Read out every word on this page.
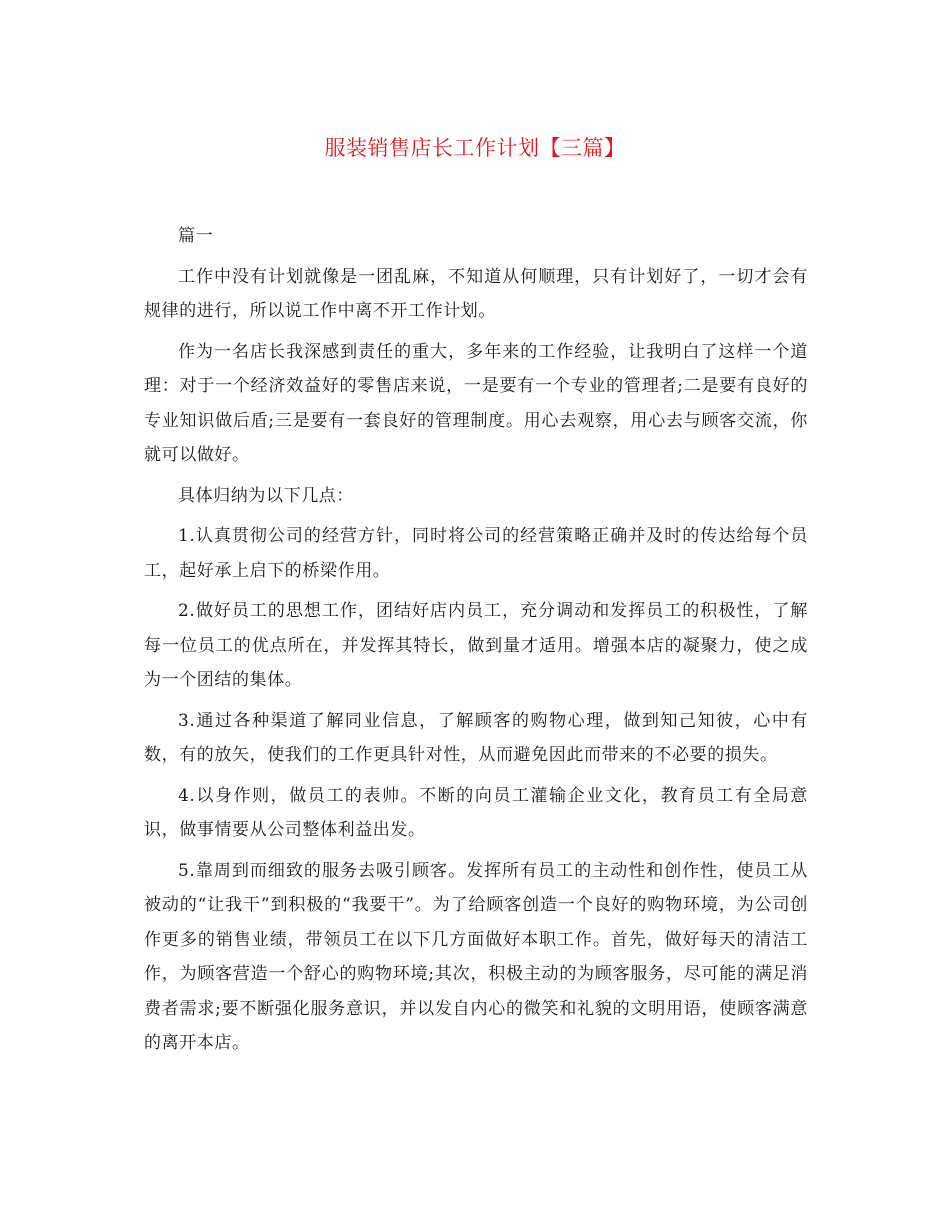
服装销售店长工作计划【三篇】

篇一

工作中没有计划就像是一团乱麻，不知道从何顺理，只有计划好了，一切才会有规律的进行，所以说工作中离不开工作计划。

作为一名店长我深感到责任的重大，多年来的工作经验，让我明白了这样一个道理：对于一个经济效益好的零售店来说，一是要有一个专业的管理者;二是要有良好的专业知识做后盾;三是要有一套良好的管理制度。用心去观察，用心去与顾客交流，你就可以做好。

具体归纳为以下几点：

1.认真贯彻公司的经营方针，同时将公司的经营策略正确并及时的传达给每个员工，起好承上启下的桥梁作用。

2.做好员工的思想工作，团结好店内员工，充分调动和发挥员工的积极性，了解每一位员工的优点所在，并发挥其特长，做到量才适用。增强本店的凝聚力，使之成为一个团结的集体。

3.通过各种渠道了解同业信息，了解顾客的购物心理，做到知己知彼，心中有数，有的放矢，使我们的工作更具针对性，从而避免因此而带来的不必要的损失。

4.以身作则，做员工的表帅。不断的向员工灌输企业文化，教育员工有全局意识，做事情要从公司整体利益出发。

5.靠周到而细致的服务去吸引顾客。发挥所有员工的主动性和创作性，使员工从被动的“让我干”到积极的“我要干”。为了给顾客创造一个良好的购物环境，为公司创作更多的销售业绩，带领员工在以下几方面做好本职工作。首先，做好每天的清洁工作，为顾客营造一个舒心的购物环境;其次，积极主动的为顾客服务，尽可能的满足消费者需求;要不断强化服务意识，并以发自内心的微笑和礼貌的文明用语，使顾客满意的离开本店。
